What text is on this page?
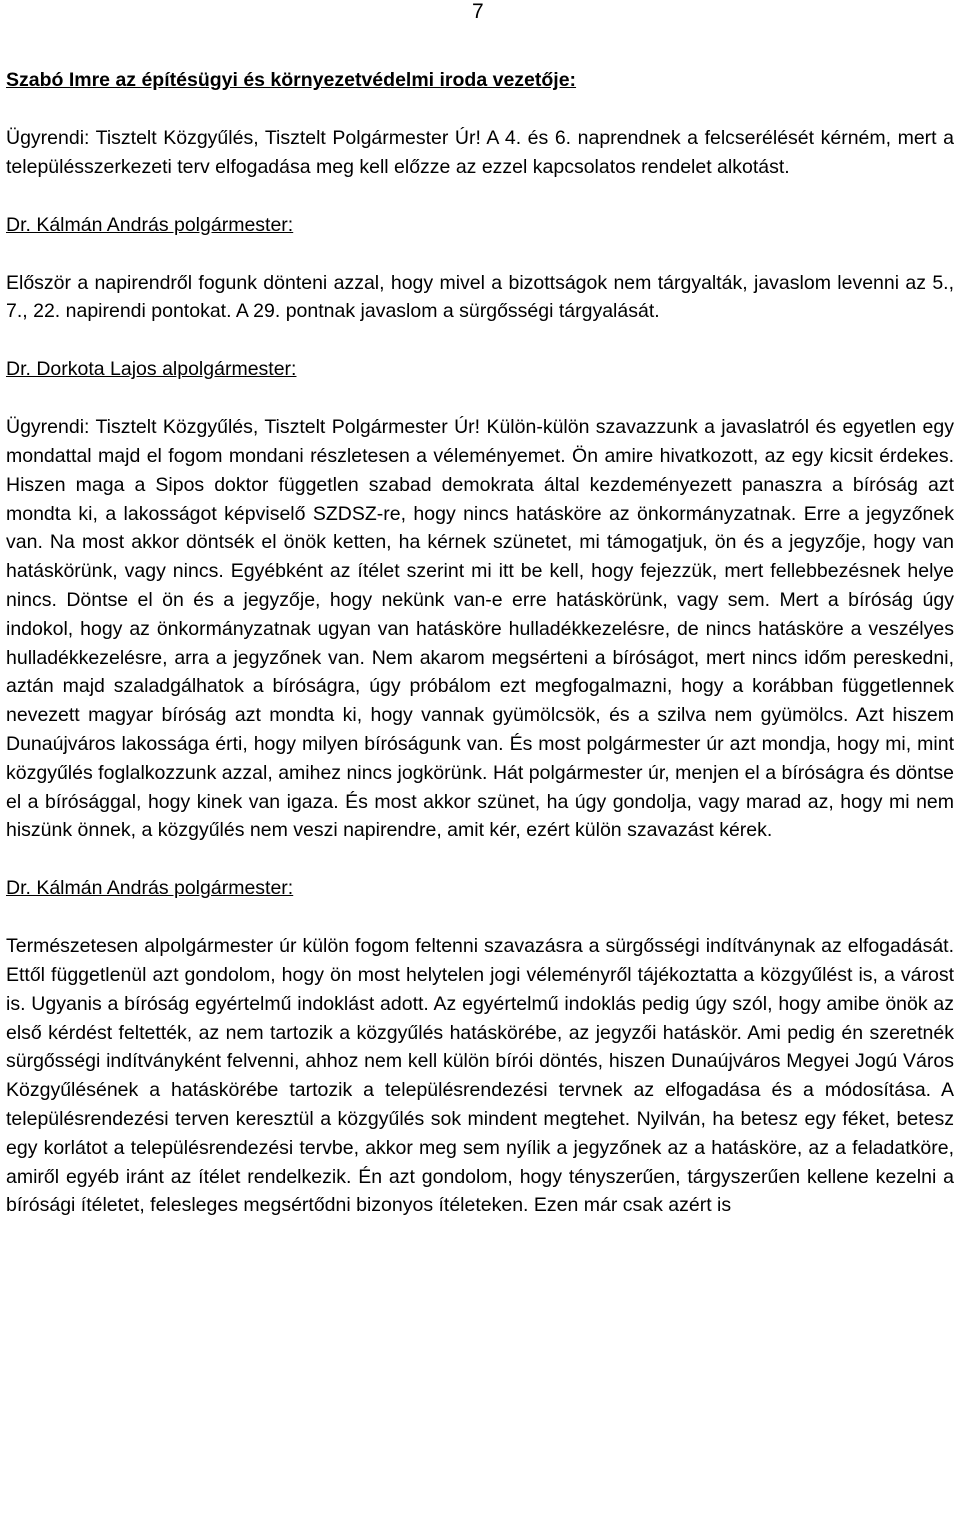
7

Szabó Imre az építésügyi és környezetvédelmi iroda vezetője:

Ügyrendi: Tisztelt Közgyűlés, Tisztelt Polgármester Úr! A 4. és 6. naprendnek a felcserélését kérném, mert a településszerkezeti terv elfogadása meg kell előzze az ezzel kapcsolatos rendelet alkotást.

Dr. Kálmán András polgármester:

Először a napirendről fogunk dönteni azzal, hogy mivel a bizottságok nem tárgyalták, javaslom levenni az 5., 7., 22. napirendi pontokat. A 29. pontnak javaslom a sürgősségi tárgyalását.

Dr. Dorkota Lajos alpolgármester:

Ügyrendi: Tisztelt Közgyűlés, Tisztelt Polgármester Úr! Külön-külön szavazzunk a javaslatról és egyetlen egy mondattal majd el fogom mondani részletesen a véleményemet. Ön amire hivatkozott, az egy kicsit érdekes. Hiszen maga a Sipos doktor független szabad demokrata által kezdeményezett panaszra a bíróság azt mondta ki, a lakosságot képviselő SZDSZ-re, hogy nincs hatásköre az önkormányzatnak. Erre a jegyzőnek van. Na most akkor döntsék el önök ketten, ha kérnek szünetet, mi támogatjuk, ön és a jegyzője, hogy van hatáskörünk, vagy nincs. Egyébként az ítélet szerint mi itt be kell, hogy fejezzük, mert fellebbezésnek helye nincs. Döntse el ön és a jegyzője, hogy nekünk van-e erre hatáskörünk, vagy sem. Mert a bíróság úgy indokol, hogy az önkormányzatnak ugyan van hatásköre hulladékkezelésre, de nincs hatásköre a veszélyes hulladékkezelésre, arra a jegyzőnek van. Nem akarom megsérteni a bíróságot, mert nincs időm pereskedni, aztán majd szaladgálhatok a bíróságra, úgy próbálom ezt megfogalmazni, hogy a korábban függetlennek nevezett magyar bíróság azt mondta ki, hogy vannak gyümölcsök, és a szilva nem gyümölcs. Azt hiszem Dunaújváros lakossága érti, hogy milyen bíróságunk van. És most polgármester úr azt mondja, hogy mi, mint közgyűlés foglalkozzunk azzal, amihez nincs jogkörünk. Hát polgármester úr, menjen el a bíróságra és döntse el a bírósággal, hogy kinek van igaza. És most akkor szünet, ha úgy gondolja, vagy marad az, hogy mi nem hiszünk önnek, a közgyűlés nem veszi napirendre, amit kér, ezért külön szavazást kérek.

Dr. Kálmán András polgármester:

Természetesen alpolgármester úr külön fogom feltenni szavazásra a sürgősségi indítványnak az elfogadását. Ettől függetlenül azt gondolom, hogy ön most helytelen jogi véleményről tájékoztatta a közgyűlést is, a várost is. Ugyanis a bíróság egyértelmű indoklást adott. Az egyértelmű indoklás pedig úgy szól, hogy amibe önök az első kérdést feltették, az nem tartozik a közgyűlés hatáskörébe, az jegyzői hatáskör. Ami pedig én szeretnék sürgősségi indítványként felvenni, ahhoz nem kell külön bírói döntés, hiszen Dunaújváros Megyei Jogú Város Közgyűlésének a hatáskörébe tartozik a településrendezési tervnek az elfogadása és a módosítása. A településrendezési terven keresztül a közgyűlés sok mindent megtehet. Nyilván, ha betesz egy féket, betesz egy korlátot a településrendezési tervbe, akkor meg sem nyílik a jegyzőnek az a hatásköre, az a feladatköre, amiről egyéb iránt az ítélet rendelkezik. Én azt gondolom, hogy tényszerűen, tárgyszerűen kellene kezelni a bírósági ítéletet, felesleges megsértődni bizonyos ítéleteken. Ezen már csak azért is
